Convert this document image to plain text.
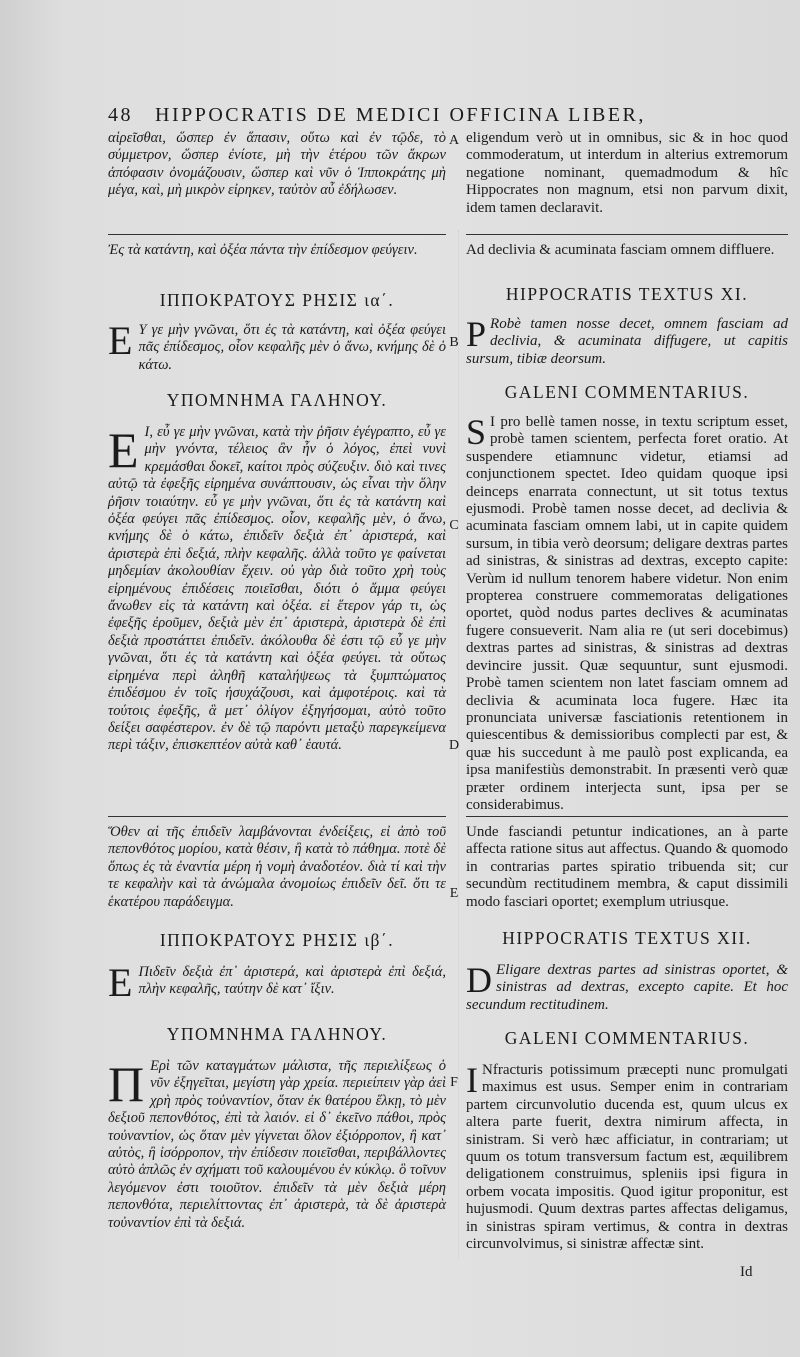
48 HIPPOCRATIS DE MEDICI OFFICINA LIBER,
αἱρεῖσθαι, ὥσπερ ἐν ἅπασιν, οὕτω καὶ ἐν τῷδε, τὸ σύμμετρον, ὥσπερ ἐνίοτε, μὴ τὴν ἑτέρου τῶν ἄκρων ἀπόφασιν ὀνομάζουσιν, ὥσπερ καὶ νῦν ὁ Ἱπποκράτης μὴ μέγα, καὶ, μὴ μικρὸν εἰρηκεν, ταὐτὸν αὖ ἐδήλωσεν.
Ἐς τὰ κατάντη, καὶ ὀξέα πάντα τὴν ἐπίδεσμον φεύγειν.
ΙΠΠΟΚΡΑΤΟΥΣ ΡΗΣΙΣ ια΄.
Ε Υ γε μὴν γνῶναι, ὅτι ἐς τὰ κατάντη, καὶ ὀξέα φεύγει πᾶς ἐπίδεσμος, οἷον κεφαλῆς μὲν ὁ ἄνω, κνήμης δὲ ὁ κάτω.
ΥΠΟΜΝΗΜΑ ΓΑΛΗΝΟΥ.
Ε Ι, εὖ γε μὴν γνῶναι, κατὰ τὴν ῥῆσιν ἐγέγραπτο, εὖ γε μὴν γνόντα, τέλειος ἂν ἦν ὁ λόγος, ἐπεὶ νυνὶ κρεμάσθαι δοκεῖ, καίτοι πρὸς σύζευξιν. διὸ καὶ τινες αὐτῷ τὰ ἐφεξῆς εἰρημένα συνάπτουσιν, ὡς εἶναι τὴν ὅλην ῥῆσιν τοιαύτην. εὖ γε μὴν γνῶναι, ὅτι ἐς τὰ κατάντη καὶ ὀξέα φεύγει πᾶς ἐπίδεσμος. οἷον, κεφαλῆς μὲν, ὁ ἄνω, κνήμης δὲ ὁ κάτω, ἐπιδεῖν δεξιὰ ἐπ᾽ ἀριστερά, καὶ ἀριστερὰ ἐπὶ δεξιά, πλὴν κεφαλῆς. ἀλλὰ τοῦτο γε φαίνεται μηδεμίαν ἀκολουθίαν ἔχειν. οὐ γὰρ διὰ τοῦτο χρὴ τοὺς εἰρημένους ἐπιδέσεις ποιεῖσθαι, διότι ὁ ἅμμα φεύγει ἄνωθεν εἰς τὰ κατάντη καὶ ὀξέα. εἰ ἕτερον γάρ τι, ὡς ἐφεξῆς ἐροῦμεν, δεξιὰ μὲν ἐπ᾽ ἀριστερὰ, ἀριστερὰ δὲ ἐπὶ δεξιὰ προστάττει ἐπιδεῖν. ἀκόλουθα δὲ ἐστι τῷ εὖ γε μὴν γνῶναι, ὅτι ἐς τὰ κατάντη καὶ ὀξέα φεύγει. τὰ οὕτως εἰρημένα περὶ ἀληθῆ καταλήψεως τὰ ξυμπτώματος ἐπιδέσμου ἐν τοῖς ἡσυχάζουσι, καὶ ἀμφοτέροις. καὶ τὰ τούτοις ἐφεξῆς, ἃ μετ᾽ ὀλίγον ἐξηγήσομαι, αὐτὸ τοῦτο δείξει σαφέστερον. ἐν δὲ τῷ παρόντι μεταξὺ παρεγκείμενα περὶ τάξιν, ἐπισκεπτέον αὐτὰ καθ᾽ ἑαυτά.
Ὅθεν αἱ τῆς ἐπιδεῖν λαμβάνονται ἐνδείξεις, εἰ ἀπὸ τοῦ πεπονθότος μορίου, κατὰ θέσιν, ἢ κατὰ τὸ πάθημα. ποτὲ δὲ ὅπως ἐς τὰ ἐναντία μέρη ἡ νομὴ ἀναδοτέον. διὰ τί καὶ τὴν τε κεφαλὴν καὶ τὰ ἀνώμαλα ἀνομοίως ἐπιδεῖν δεῖ. ὅτι τε ἑκατέρου παράδειγμα.
ΙΠΠΟΚΡΑΤΟΥΣ ΡΗΣΙΣ ιβ΄.
Ε Πιδεῖν δεξιὰ ἐπ᾽ ἀριστερά, καὶ ἀριστερὰ ἐπὶ δεξιά, πλὴν κεφαλῆς, ταύτην δὲ κατ᾽ ἴξιν.
ΥΠΟΜΝΗΜΑ ΓΑΛΗΝΟΥ.
Π Ερὶ τῶν καταγμάτων μάλιστα, τῆς περιελίξεως ὁ νῦν ἐξηγεῖται, μεγίστη γὰρ χρεία. περιείπειν γὰρ ἀεὶ χρὴ πρὸς τοὐναντίον, ὅταν ἐκ θατέρου ἕλκῃ, τὸ μὲν δεξιοῦ πεπονθότος, ἐπὶ τὰ λαιόν. εἰ δ᾽ ἐκεῖνο πάθοι, πρὸς τοὐναντίον, ὡς ὅταν μὲν γίγνεται ὅλον ἐξιόρροπον, ἢ κατ᾽ αὐτὸς, ἢ ἰσόρροπον, τὴν ἐπίδεσιν ποιεῖσθαι, περιβάλλοντες αὐτὸ ἁπλῶς ἐν σχήματι τοῦ καλουμένου ἐν κύκλῳ. ὃ τοῖνυν λεγόμενον ἐστι τοιοῦτον. ἐπιδεῖν τὰ μὲν δεξιὰ μέρη πεπονθότα, περιελίττοντας ἐπ᾽ ἀριστερὰ, τὰ δὲ ἀριστερὰ τοὐναντίον ἐπὶ τὰ δεξιά.
A
B
C
D
E
F
eligendum verò ut in omnibus, sic & in hoc quod commoderatum, ut interdum in alterius extremorum negatione nominant, quemadmodum & hîc Hippocrates non magnum, etsi non parvum dixit, idem tamen declaravit.
Ad declivia & acuminata fasciam omnem diffluere.
HIPPOCRATIS TEXTUS XI.
P Robè tamen nosse decet, omnem fasciam ad declivia, & acuminata diffugere, ut capitis sursum, tibiæ deorsum.
GALENI COMMENTARIUS.
S I pro bellè tamen nosse, in textu scriptum esset, probè tamen scientem, perfecta foret oratio. At suspendere etiamnunc videtur, etiamsi ad conjunctionem spectet. Ideo quidam quoque ipsi deinceps enarrata connectunt, ut sit totus textus ejusmodi. Probè tamen nosse decet, ad declivia & acuminata fasciam omnem labi, ut in capite quidem sursum, in tibia verò deorsum; deligare dextras partes ad sinistras, & sinistras ad dextras, excepto capite: Verùm id nullum tenorem habere videtur. Non enim propterea construere commemoratas deligationes oportet, quòd nodus partes declives & acuminatas fugere consueverit. Nam alia re (ut seri docebimus) dextras partes ad sinistras, & sinistras ad dextras devincire jussit. Quæ sequuntur, sunt ejusmodi. Probè tamen scientem non latet fasciam omnem ad declivia & acuminata loca fugere. Hæc ita pronunciata universæ fasciationis retentionem in quiescentibus & demissioribus complecti par est, & quæ his succedunt à me paulò post explicanda, ea ipsa manifestiùs demonstrabit. In præsenti verò quæ præter ordinem interjecta sunt, ipsa per se considerabimus.
Unde fasciandi petuntur indicationes, an à parte affecta ratione situs aut affectus. Quando & quomodo in contrarias partes spiratio tribuenda sit; cur secundùm rectitudinem membra, & caput dissimili modo fasciari oportet; exemplum utriusque.
HIPPOCRATIS TEXTUS XII.
D Eligare dextras partes ad sinistras oportet, & sinistras ad dextras, excepto capite. Et hoc secundum rectitudinem.
GALENI COMMENTARIUS.
I Nfracturis potissimum præcepti nunc promulgati maximus est usus. Semper enim in contrariam partem circunvolutio ducenda est, quum ulcus ex altera parte fuerit, dextra nimirum affecta, in sinistram. Si verò hæc afficiatur, in contrariam; ut quum os totum transversum factum est, æquilibrem deligationem construimus, spleniis ipsi figura in orbem vocata impositis. Quod igitur proponitur, est hujusmodi. Quum dextras partes affectas deligamus, in sinistras spiram vertimus, & contra in dextras circunvolvimus, si sinistræ affectæ sint.
Id
